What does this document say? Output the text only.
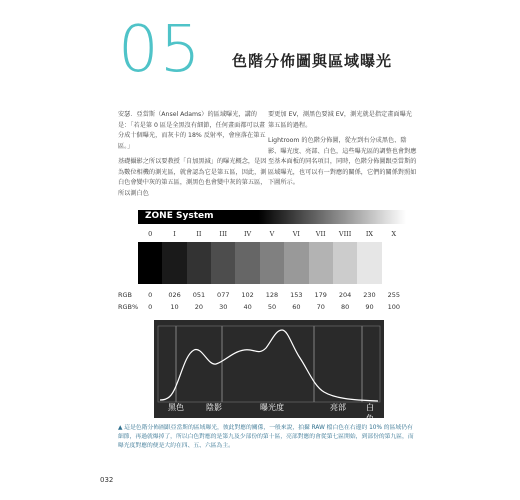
05 色階分佈圖與區域曝光

安瑟．亞當斯（Ansel Adams）的區域曝光，講的是：「若是第 0 區是全黑沒有細節，任何畫面都可以畫分成十個曝光，而灰卡的 18% 反射率，會座落在第五區。」

基礎攝影之所以要教授「自加黑減」的曝光概念，是因為數位相機的測光區，就會認為它是第五區，因此，測白色會變中灰的第五區，測黑色也會變中灰的第五區，所以測白色

要更加 EV，測黑色要減 EV，測光就是指定畫面曝光第五區的過程。

Lightroom 的色階分佈圖，從左到右分成黑色、陰影、曝光度、亮部、白色，這些曝光區的調整也會對應至基本面板的同名項目，同時，色階分佈圖跟亞當斯的區域曝光，也可以有一對應的關係，它們的關係對照如下圖所示。

ZONE System
0	I	II	III	IV	V	VI VII VIII IX	X
RGB 0 026 051 077 102 128 153 179 204 230 255
RGB% 0	10 20 30 40 50 60 70 80 90 100
黑色	陰影	曝光度	亮部	白色
▲ 這是色階分佈圖跟亞當斯的區域曝光，彼此對應的關係，一般來說，拍攝 RAW 檔白色在右邊約 10% 的區域仍有細節，再過就爆掉了，所以白色對應的是第九及少部份的第十區，亮部對應的會從第七區開始，到部份的第九區，而曝光度對應的便是大約在四、五、六區為主。
032
